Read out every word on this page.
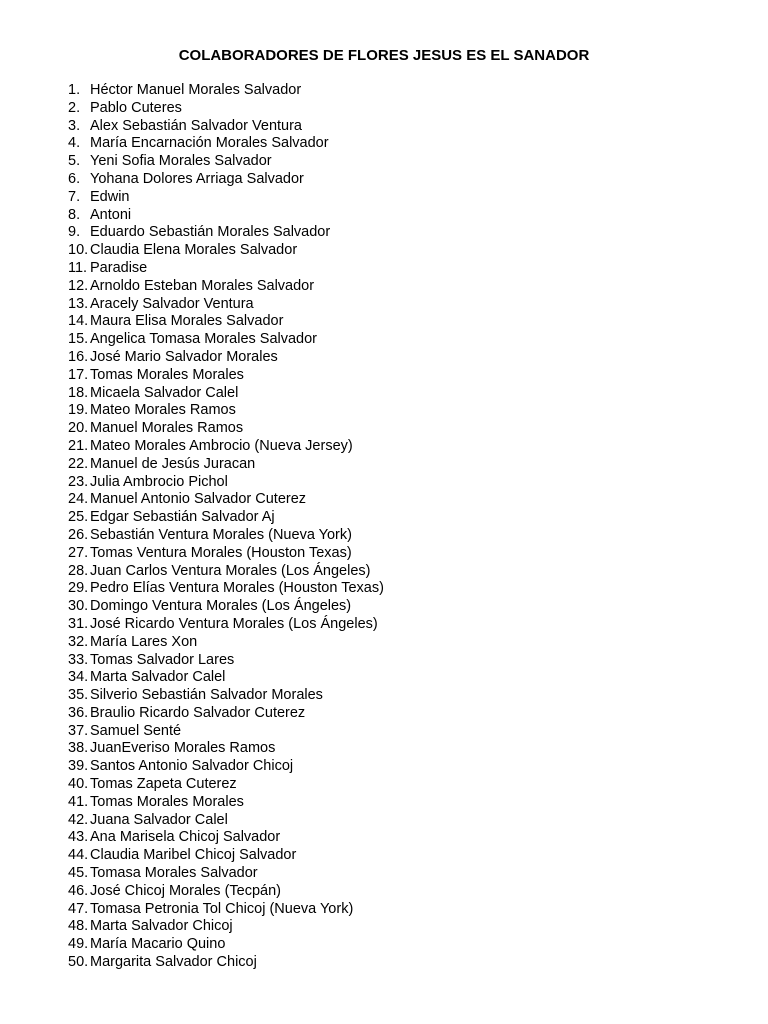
COLABORADORES DE FLORES JESUS ES EL SANADOR
1. Héctor Manuel Morales Salvador
2. Pablo Cuteres
3. Alex Sebastián Salvador Ventura
4. María Encarnación Morales Salvador
5. Yeni Sofia Morales Salvador
6. Yohana Dolores Arriaga Salvador
7. Edwin
8. Antoni
9. Eduardo Sebastián Morales Salvador
10. Claudia Elena Morales Salvador
11. Paradise
12. Arnoldo Esteban Morales Salvador
13. Aracely Salvador Ventura
14. Maura Elisa Morales Salvador
15. Angelica Tomasa Morales Salvador
16. José Mario Salvador Morales
17. Tomas Morales Morales
18. Micaela Salvador Calel
19. Mateo Morales Ramos
20. Manuel Morales Ramos
21. Mateo Morales Ambrocio (Nueva Jersey)
22. Manuel de Jesús Juracan
23. Julia Ambrocio Pichol
24. Manuel Antonio Salvador Cuterez
25. Edgar Sebastián Salvador Aj
26. Sebastián Ventura Morales (Nueva York)
27. Tomas Ventura Morales (Houston Texas)
28. Juan Carlos Ventura Morales (Los Ángeles)
29. Pedro Elías Ventura Morales (Houston Texas)
30. Domingo Ventura Morales (Los Ángeles)
31. José Ricardo Ventura Morales (Los Ángeles)
32. María Lares Xon
33. Tomas Salvador Lares
34. Marta Salvador Calel
35. Silverio Sebastián Salvador Morales
36. Braulio Ricardo Salvador Cuterez
37. Samuel Senté
38. JuanEveriso Morales Ramos
39. Santos Antonio Salvador Chicoj
40. Tomas Zapeta Cuterez
41. Tomas Morales Morales
42. Juana Salvador Calel
43. Ana Marisela Chicoj Salvador
44. Claudia Maribel Chicoj Salvador
45. Tomasa Morales Salvador
46. José Chicoj Morales (Tecpán)
47. Tomasa Petronia Tol Chicoj (Nueva York)
48. Marta Salvador Chicoj
49. María Macario Quino
50. Margarita Salvador Chicoj
